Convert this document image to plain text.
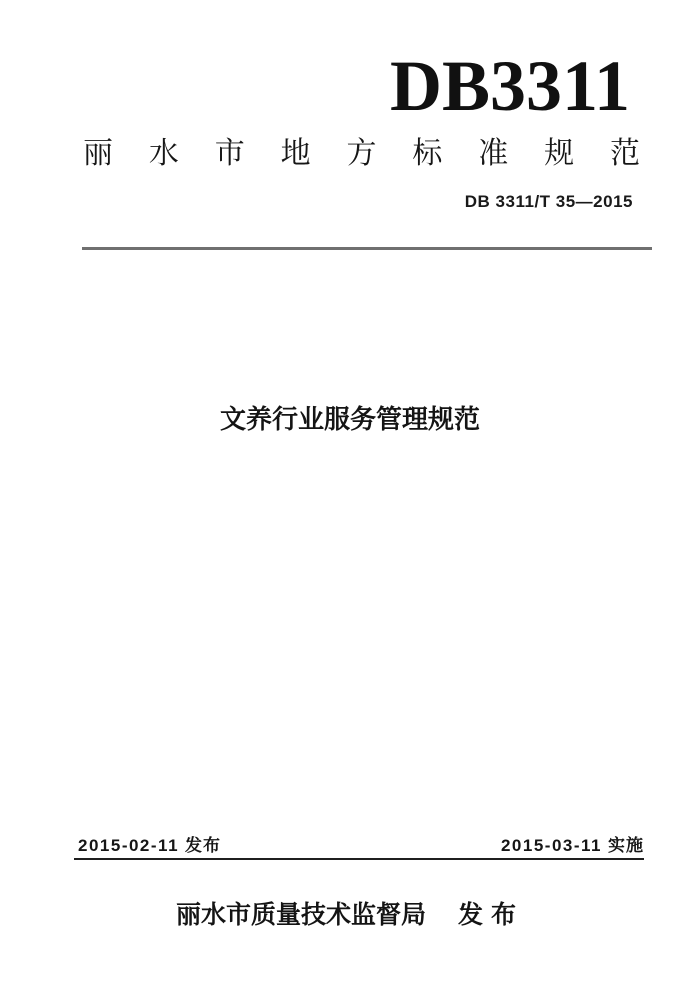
DB3311
丽 水 市 地 方 标 准 规 范
DB 3311/T 35—2015
文养行业服务管理规范
2015-02-11 发布	2015-03-11 实施
丽水市质量技术监督局 发布
